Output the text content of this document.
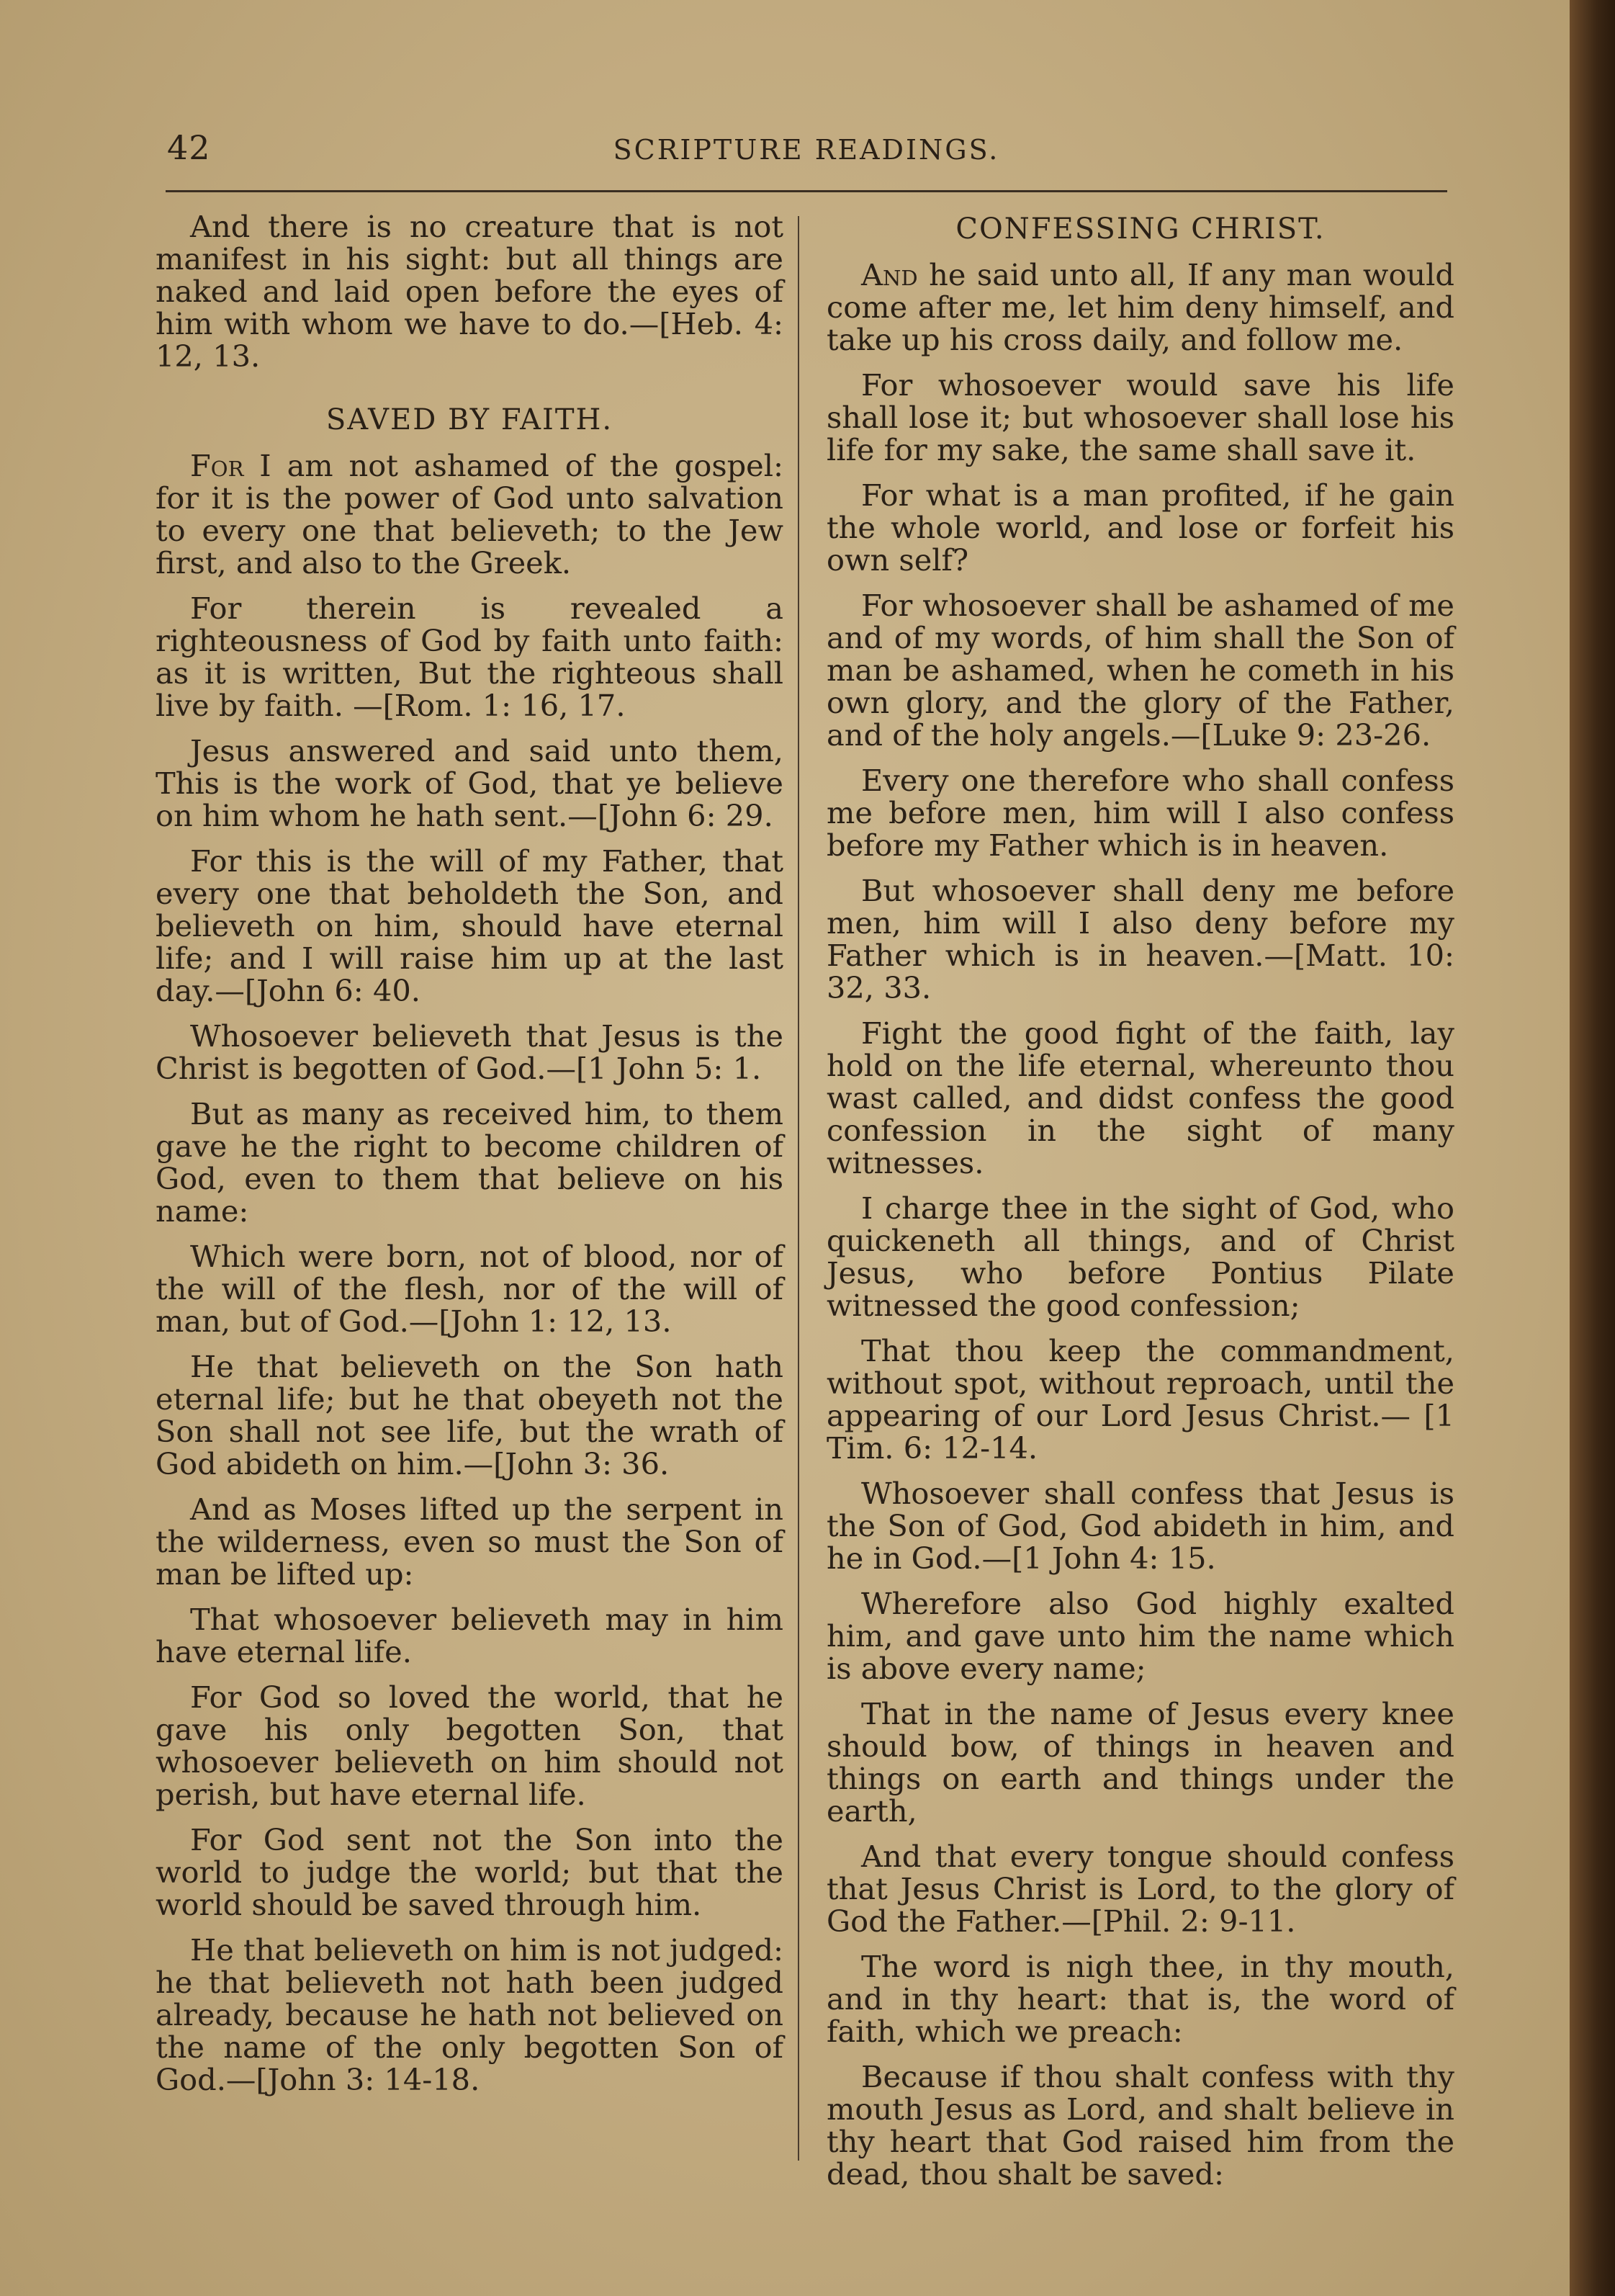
42	SCRIPTURE READINGS.

And there is no creature that is not manifest in his sight: but all things are naked and laid open before the eyes of him with whom we have to do.—[Heb. 4: 12, 13.

SAVED BY FAITH.

For I am not ashamed of the gospel: for it is the power of God unto salvation to every one that believeth; to the Jew first, and also to the Greek.

For therein is revealed a righteousness of God by faith unto faith: as it is written, But the righteous shall live by faith. —[Rom. 1: 16, 17.

Jesus answered and said unto them, This is the work of God, that ye believe on him whom he hath sent.—[John 6: 29.

For this is the will of my Father, that every one that beholdeth the Son, and believeth on him, should have eternal life; and I will raise him up at the last day.—[John 6: 40.

Whosoever believeth that Jesus is the Christ is begotten of God.—[1 John 5: 1.

But as many as received him, to them gave he the right to become children of God, even to them that believe on his name:

Which were born, not of blood, nor of the will of the flesh, nor of the will of man, but of God.—[John 1: 12, 13.

He that believeth on the Son hath eternal life; but he that obeyeth not the Son shall not see life, but the wrath of God abideth on him.—[John 3: 36.

And as Moses lifted up the serpent in the wilderness, even so must the Son of man be lifted up:

That whosoever believeth may in him have eternal life.

For God so loved the world, that he gave his only begotten Son, that whosoever believeth on him should not perish, but have eternal life.

For God sent not the Son into the world to judge the world; but that the world should be saved through him.

He that believeth on him is not judged: he that believeth not hath been judged already, because he hath not believed on the name of the only begotten Son of God.—[John 3: 14-18.

CONFESSING CHRIST.

And he said unto all, If any man would come after me, let him deny himself, and take up his cross daily, and follow me.

For whosoever would save his life shall lose it; but whosoever shall lose his life for my sake, the same shall save it.

For what is a man profited, if he gain the whole world, and lose or forfeit his own self?

For whosoever shall be ashamed of me and of my words, of him shall the Son of man be ashamed, when he cometh in his own glory, and the glory of the Father, and of the holy angels.—[Luke 9: 23-26.

Every one therefore who shall confess me before men, him will I also confess before my Father which is in heaven.

But whosoever shall deny me before men, him will I also deny before my Father which is in heaven.—[Matt. 10: 32, 33.

Fight the good fight of the faith, lay hold on the life eternal, whereunto thou wast called, and didst confess the good confession in the sight of many witnesses.

I charge thee in the sight of God, who quickeneth all things, and of Christ Jesus, who before Pontius Pilate witnessed the good confession;

That thou keep the commandment, without spot, without reproach, until the appearing of our Lord Jesus Christ.— [1 Tim. 6: 12-14.

Whosoever shall confess that Jesus is the Son of God, God abideth in him, and he in God.—[1 John 4: 15.

Wherefore also God highly exalted him, and gave unto him the name which is above every name;

That in the name of Jesus every knee should bow, of things in heaven and things on earth and things under the earth,

And that every tongue should confess that Jesus Christ is Lord, to the glory of God the Father.—[Phil. 2: 9-11.

The word is nigh thee, in thy mouth, and in thy heart: that is, the word of faith, which we preach:

Because if thou shalt confess with thy mouth Jesus as Lord, and shalt believe in thy heart that God raised him from the dead, thou shalt be saved:
